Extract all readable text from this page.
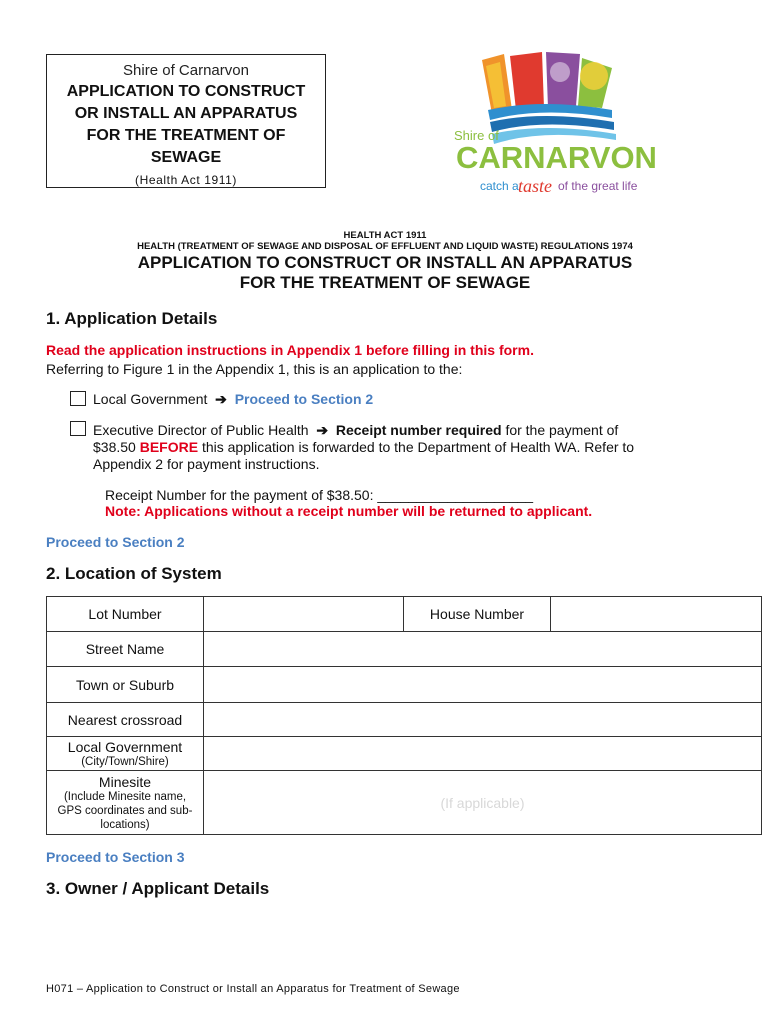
Shire of Carnarvon
APPLICATION TO CONSTRUCT
OR INSTALL AN APPARATUS
FOR THE TREATMENT OF
SEWAGE
(Health Act 1911)
Shire of
CARNARVON
catch a taste of the great life
HEALTH ACT 1911
HEALTH (TREATMENT OF SEWAGE AND DISPOSAL OF EFFLUENT AND LIQUID WASTE) REGULATIONS 1974
APPLICATION TO CONSTRUCT OR INSTALL AN APPARATUS
FOR THE TREATMENT OF SEWAGE
1. Application Details
Read the application instructions in Appendix 1 before filling in this form.
Referring to Figure 1 in the Appendix 1, this is an application to the:
Local Government  ➔  Proceed to Section 2
Executive Director of Public Health  ➔  Receipt number required for the payment of
$38.50 BEFORE this application is forwarded to the Department of Health WA. Refer to
Appendix 2 for payment instructions.
Receipt Number for the payment of $38.50: ____________________
Note: Applications without a receipt number will be returned to applicant.
Proceed to Section 2
2. Location of System
Lot Number		House Number	
Street Name			
Town or Suburb			
Nearest crossroad			

Local Government
(City/Town/Shire)			

Minesite
(Include Minesite name, GPS coordinates and sub-locations)	(If applicable)		
Proceed to Section 3
3. Owner / Applicant Details
H071 – Application to Construct or Install an Apparatus for Treatment of Sewage
